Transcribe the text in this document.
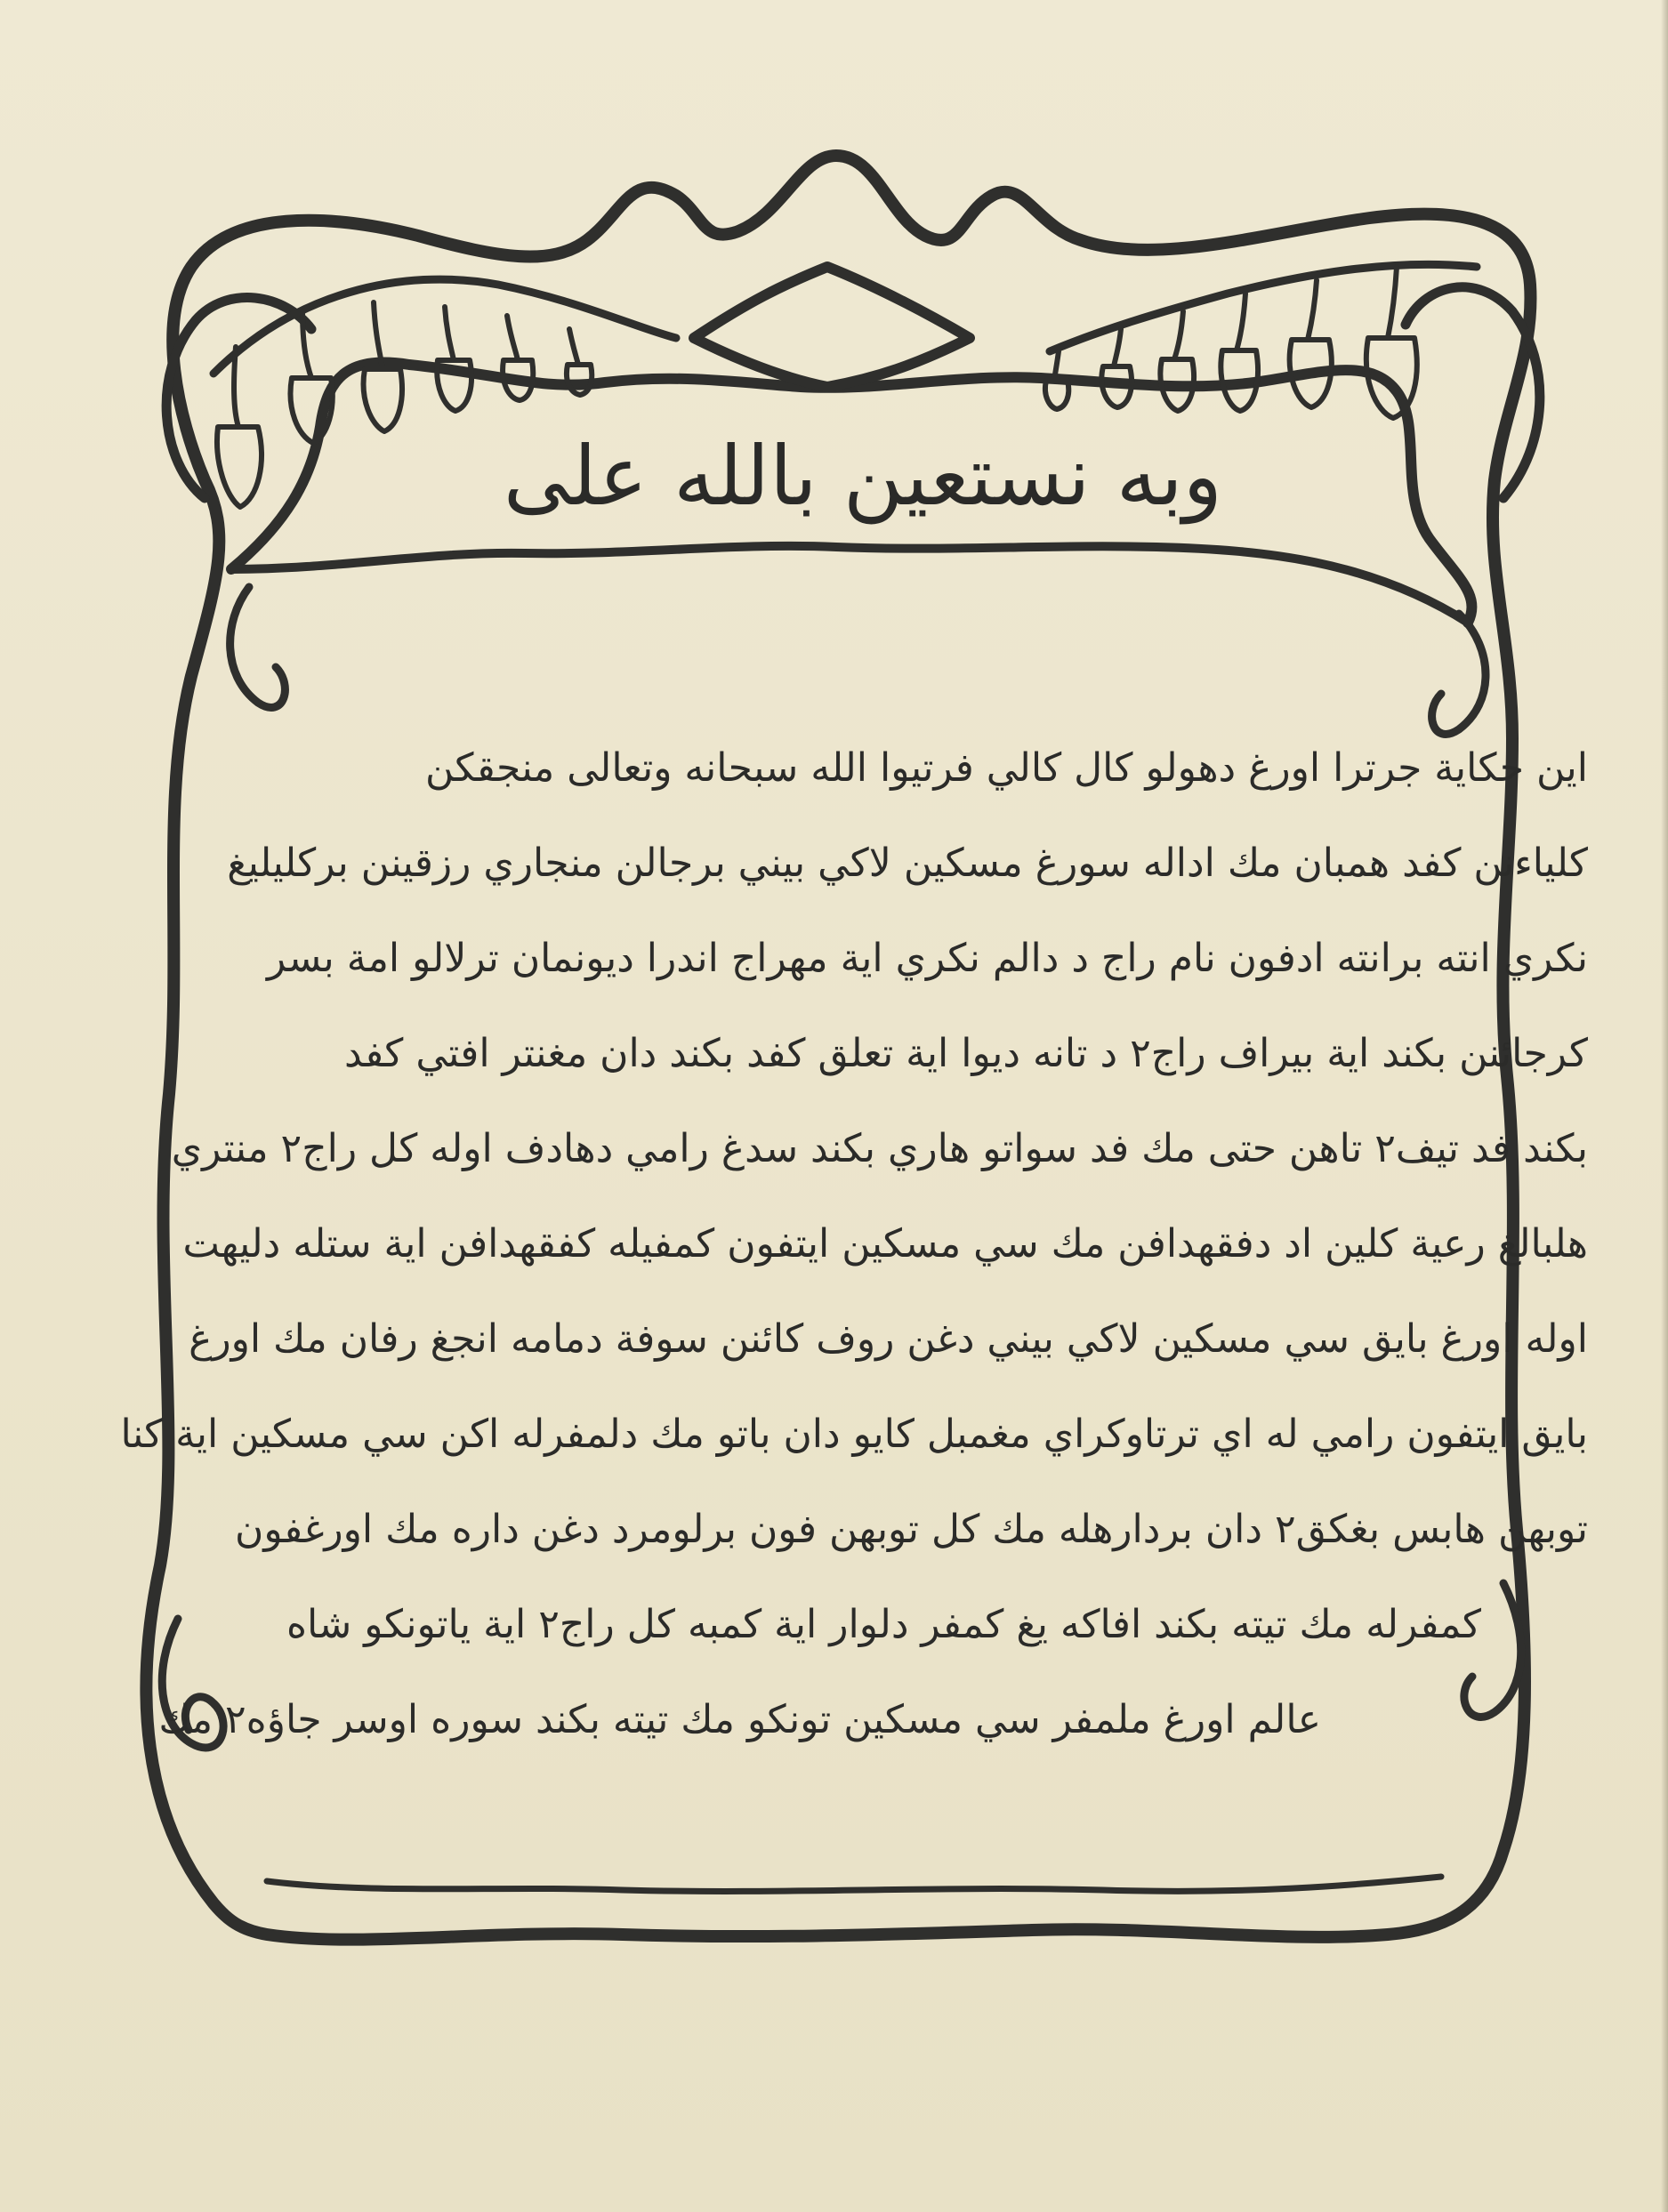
وبه نستعين بالله على
اين حكاية جرترا اورغ دهولو كال كالي فرتيوا الله سبحانه وتعالى منجقكن
كلياءنن كفد همبان مك اداله سورغ مسكين لاكي بيني برجالن منجاري رزقينن بركليليغ
نكري انته برانته ادفون نام راج د دالم نكري اية مهراج اندرا ديونمان ترلالو امة بسر
كرجائنن بكند اية بيراف راج٢ د تانه ديوا اية تعلق كفد بكند دان مغنتر افتي كفد
بكند فد تيف٢ تاهن حتى مك فد سواتو هاري بكند سدغ رامي دهادف اوله كل راج٢ منتري
هلبالغ رعية كلين اد دفقهدافن مك سي مسكين ايتفون كمفيله كفقهدافن اية ستله دليهت
اوله اورغ بايق سي مسكين لاكي بيني دغن روف كائنن سوفة دمامه انجغ رفان مك اورغ
بايق ايتفون رامي له اي ترتاوكراي مغمبل كايو دان باتو مك دلمفرله اكن سي مسكين اية كنا
توبهن هابس بغكق٢ دان بردارهله مك كل توبهن فون برلومرد دغن داره مك اورغفون
كمفرله مك تيته بكند افاكه يغ كمفر دلوار اية كمبه كل راج٢ اية ياتونكو شاه
عالم اورغ ملمفر سي مسكين تونكو مك تيته بكند سوره اوسر جاؤه٢ مك
